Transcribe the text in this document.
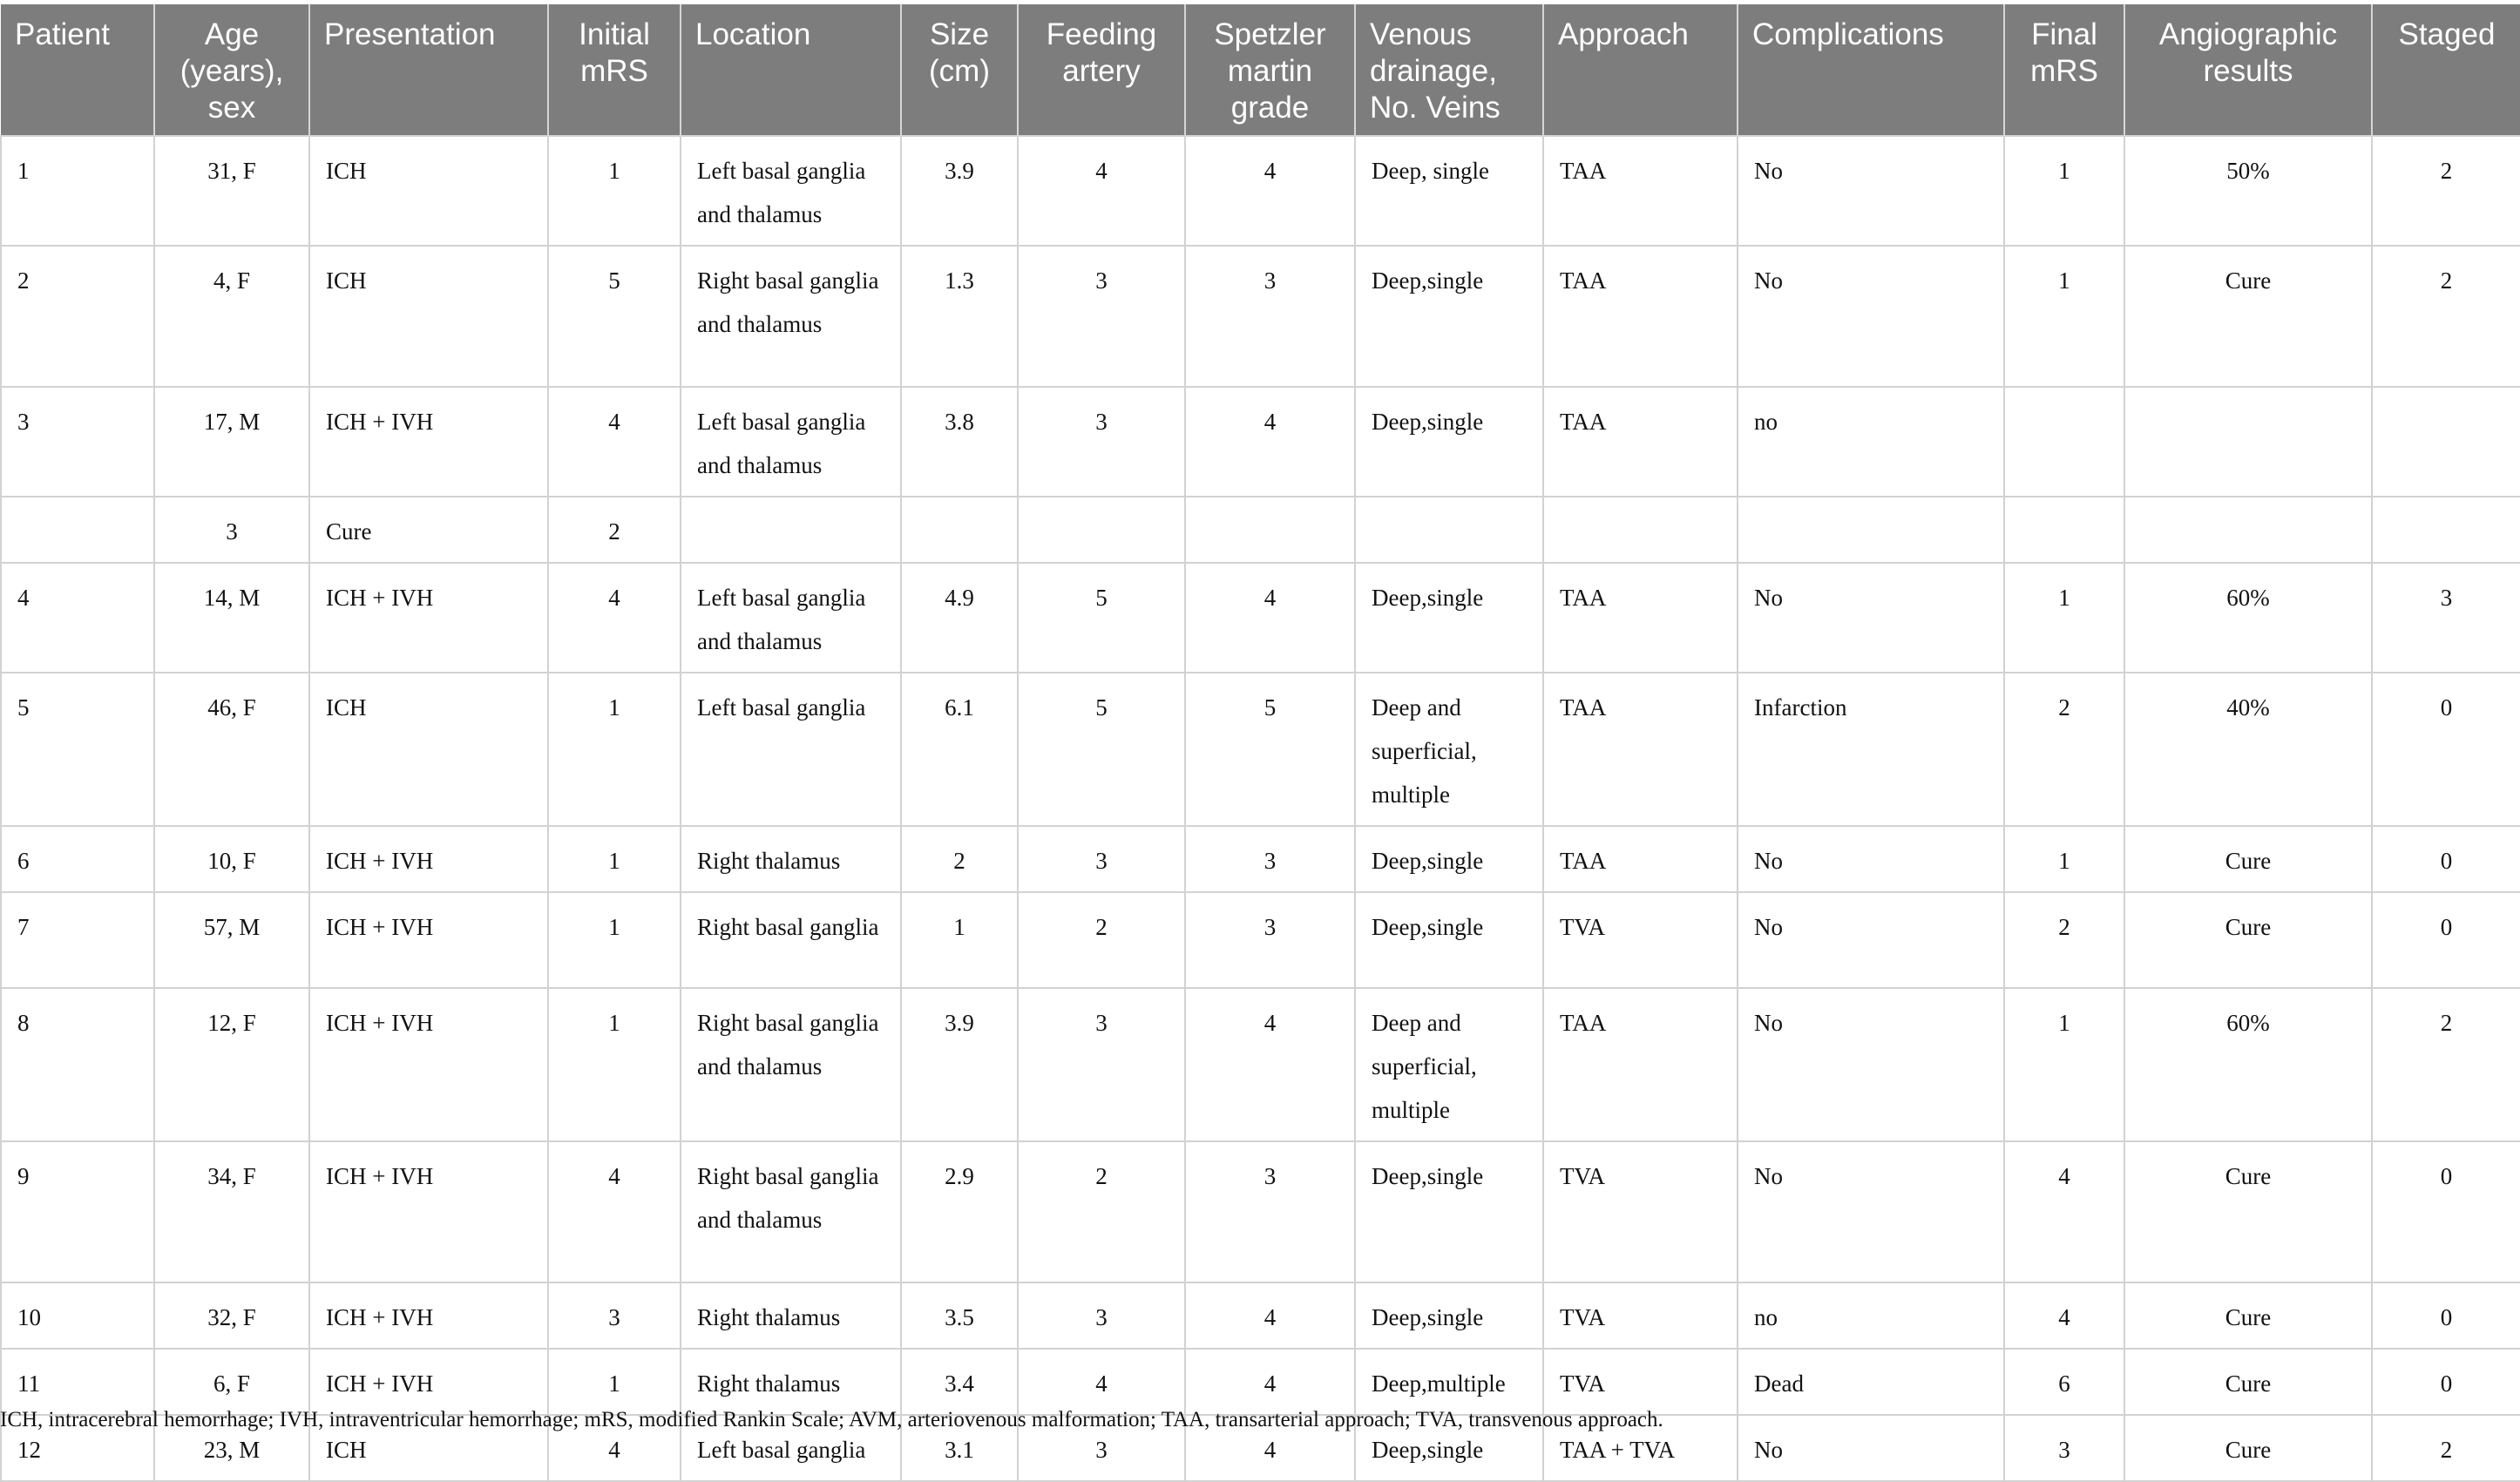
Patient	Age (years), sex	Presentation	Initial mRS	Location	Size (cm)	Feeding artery	Spetzler martin grade	Venous drainage, No. Veins	Approach	Complications	Final mRS	Angiographic results	Staged
1	31, F	ICH	1	Left basal ganglia and thalamus	3.9	4	4	Deep, single	TAA	No	1	50%	2
2	4, F	ICH	5	Right basal ganglia and thalamus	1.3	3	3	Deep,single	TAA	No	1	Cure	2
3	17, M	ICH + IVH	4	Left basal ganglia and thalamus	3.8	3	4	Deep,single	TAA	no			
	3	Cure	2										
4	14, M	ICH + IVH	4	Left basal ganglia and thalamus	4.9	5	4	Deep,single	TAA	No	1	60%	3
5	46, F	ICH	1	Left basal ganglia	6.1	5	5	Deep and superficial, multiple	TAA	Infarction	2	40%	0
6	10, F	ICH + IVH	1	Right thalamus	2	3	3	Deep,single	TAA	No	1	Cure	0
7	57, M	ICH + IVH	1	Right basal ganglia	1	2	3	Deep,single	TVA	No	2	Cure	0
8	12, F	ICH + IVH	1	Right basal ganglia and thalamus	3.9	3	4	Deep and superficial, multiple	TAA	No	1	60%	2
9	34, F	ICH + IVH	4	Right basal ganglia and thalamus	2.9	2	3	Deep,single	TVA	No	4	Cure	0
10	32, F	ICH + IVH	3	Right thalamus	3.5	3	4	Deep,single	TVA	no	4	Cure	0
11	6, F	ICH + IVH	1	Right thalamus	3.4	4	4	Deep,multiple	TVA	Dead	6	Cure	0
12	23, M	ICH	4	Left basal ganglia	3.1	3	4	Deep,single	TAA + TVA	No	3	Cure	2
ICH, intracerebral hemorrhage; IVH, intraventricular hemorrhage; mRS, modified Rankin Scale; AVM, arteriovenous malformation; TAA, transarterial approach; TVA, transvenous approach.
